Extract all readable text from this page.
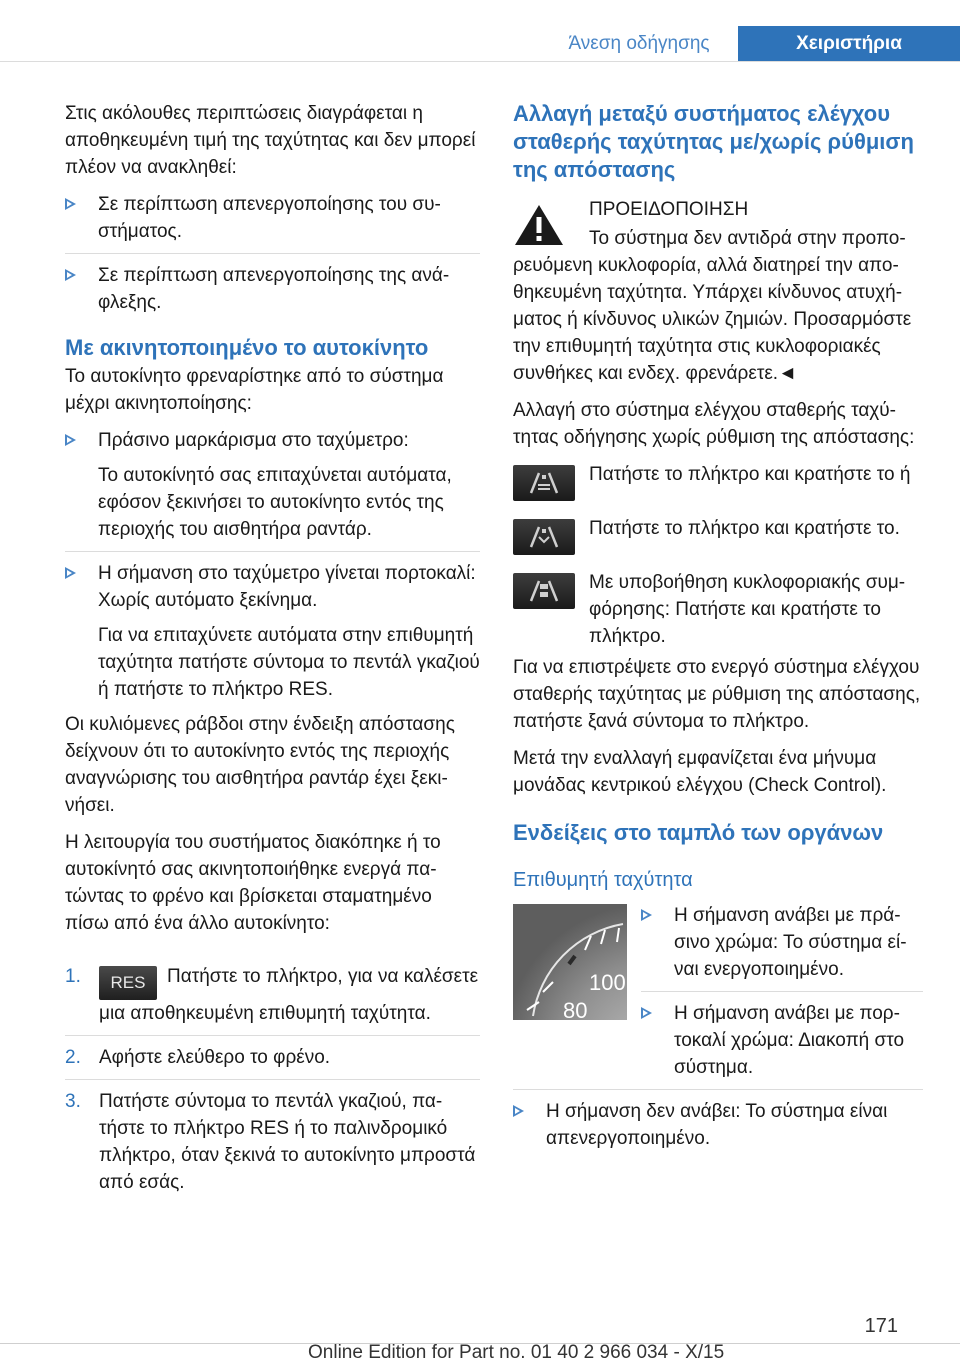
Άνεση οδήγησης	Χειριστήρια

Στις ακόλουθες περιπτώσεις διαγράφεται η αποθηκευμένη τιμή της ταχύτητας και δεν μπορεί πλέον να ανακληθεί:

Σε περίπτωση απενεργοποίησης του συστήματος.
Σε περίπτωση απενεργοποίησης της ανάφλεξης.
Με ακινητοποιημένο το αυτοκίνητο

Το αυτοκίνητο φρεναρίστηκε από το σύστημα μέχρι ακινητοποίησης:

Πράσινο μαρκάρισμα στο ταχύμετρο:
Το αυτοκίνητό σας επιταχύνεται αυτόματα, εφόσον ξεκινήσει το αυτοκίνητο εντός της περιοχής του αισθητήρα ραντάρ.
Η σήμανση στο ταχύμετρο γίνεται πορτοκαλί: Χωρίς αυτόματο ξεκίνημα.
Για να επιταχύνετε αυτόματα στην επιθυμητή ταχύτητα πατήστε σύντομα το πεντάλ γκαζιού ή πατήστε το πλήκτρο RES.

Οι κυλιόμενες ράβδοι στην ένδειξη απόστασης δείχνουν ότι το αυτοκίνητο εντός της περιοχής αναγνώρισης του αισθητήρα ραντάρ έχει ξεκινήσει.

Η λειτουργία του συστήματος διακόπηκε ή το αυτοκίνητό σας ακινητοποιήθηκε ενεργά πατώντας το φρένο και βρίσκεται σταματημένο πίσω από ένα άλλο αυτοκίνητο:

1. RES Πατήστε το πλήκτρο, για να καλέσετε μια αποθηκευμένη επιθυμητή ταχύτητα.
2. Αφήστε ελεύθερο το φρένο.
3. Πατήστε σύντομα το πεντάλ γκαζιού, πατήστε το πλήκτρο RES ή το παλινδρομικό πλήκτρο, όταν ξεκινά το αυτοκίνητο μπροστά από εσάς.
Αλλαγή μεταξύ συστήματος ελέγχου σταθερής ταχύτητας με/χωρίς ρύθμιση της απόστασης
ΠΡΟΕΙΔΟΠΟΙΗΣΗ

Το σύστημα δεν αντιδρά στην προπορευόμενη κυκλοφορία, αλλά διατηρεί την αποθηκευμένη ταχύτητα. Υπάρχει κίνδυνος ατυχήματος ή κίνδυνος υλικών ζημιών. Προσαρμόστε την επιθυμητή ταχύτητα στις κυκλοφοριακές συνθήκες και ενδεχ. φρενάρετε.◄

Αλλαγή στο σύστημα ελέγχου σταθερής ταχύτητας οδήγησης χωρίς ρύθμιση της απόστασης:

Πατήστε το πλήκτρο και κρατήστε το ή
Πατήστε το πλήκτρο και κρατήστε το.
Με υποβοήθηση κυκλοφοριακής συμφόρησης: Πατήστε και κρατήστε το πλήκτρο.

Για να επιστρέψετε στο ενεργό σύστημα ελέγχου σταθερής ταχύτητας με ρύθμιση της απόστασης, πατήστε ξανά σύντομα το πλήκτρο.

Μετά την εναλλαγή εμφανίζεται ένα μήνυμα μονάδας κεντρικού ελέγχου (Check Control).

Ενδείξεις στο ταμπλό των οργάνων
Επιθυμητή ταχύτητα
100
80
Η σήμανση ανάβει με πράσινο χρώμα: Το σύστημα είναι ενεργοποιημένο.
Η σήμανση ανάβει με πορτοκαλί χρώμα: Διακοπή στο σύστημα.
Η σήμανση δεν ανάβει: Το σύστημα είναι απενεργοποιημένο.
171
Online Edition for Part no. 01 40 2 966 034 - X/15
